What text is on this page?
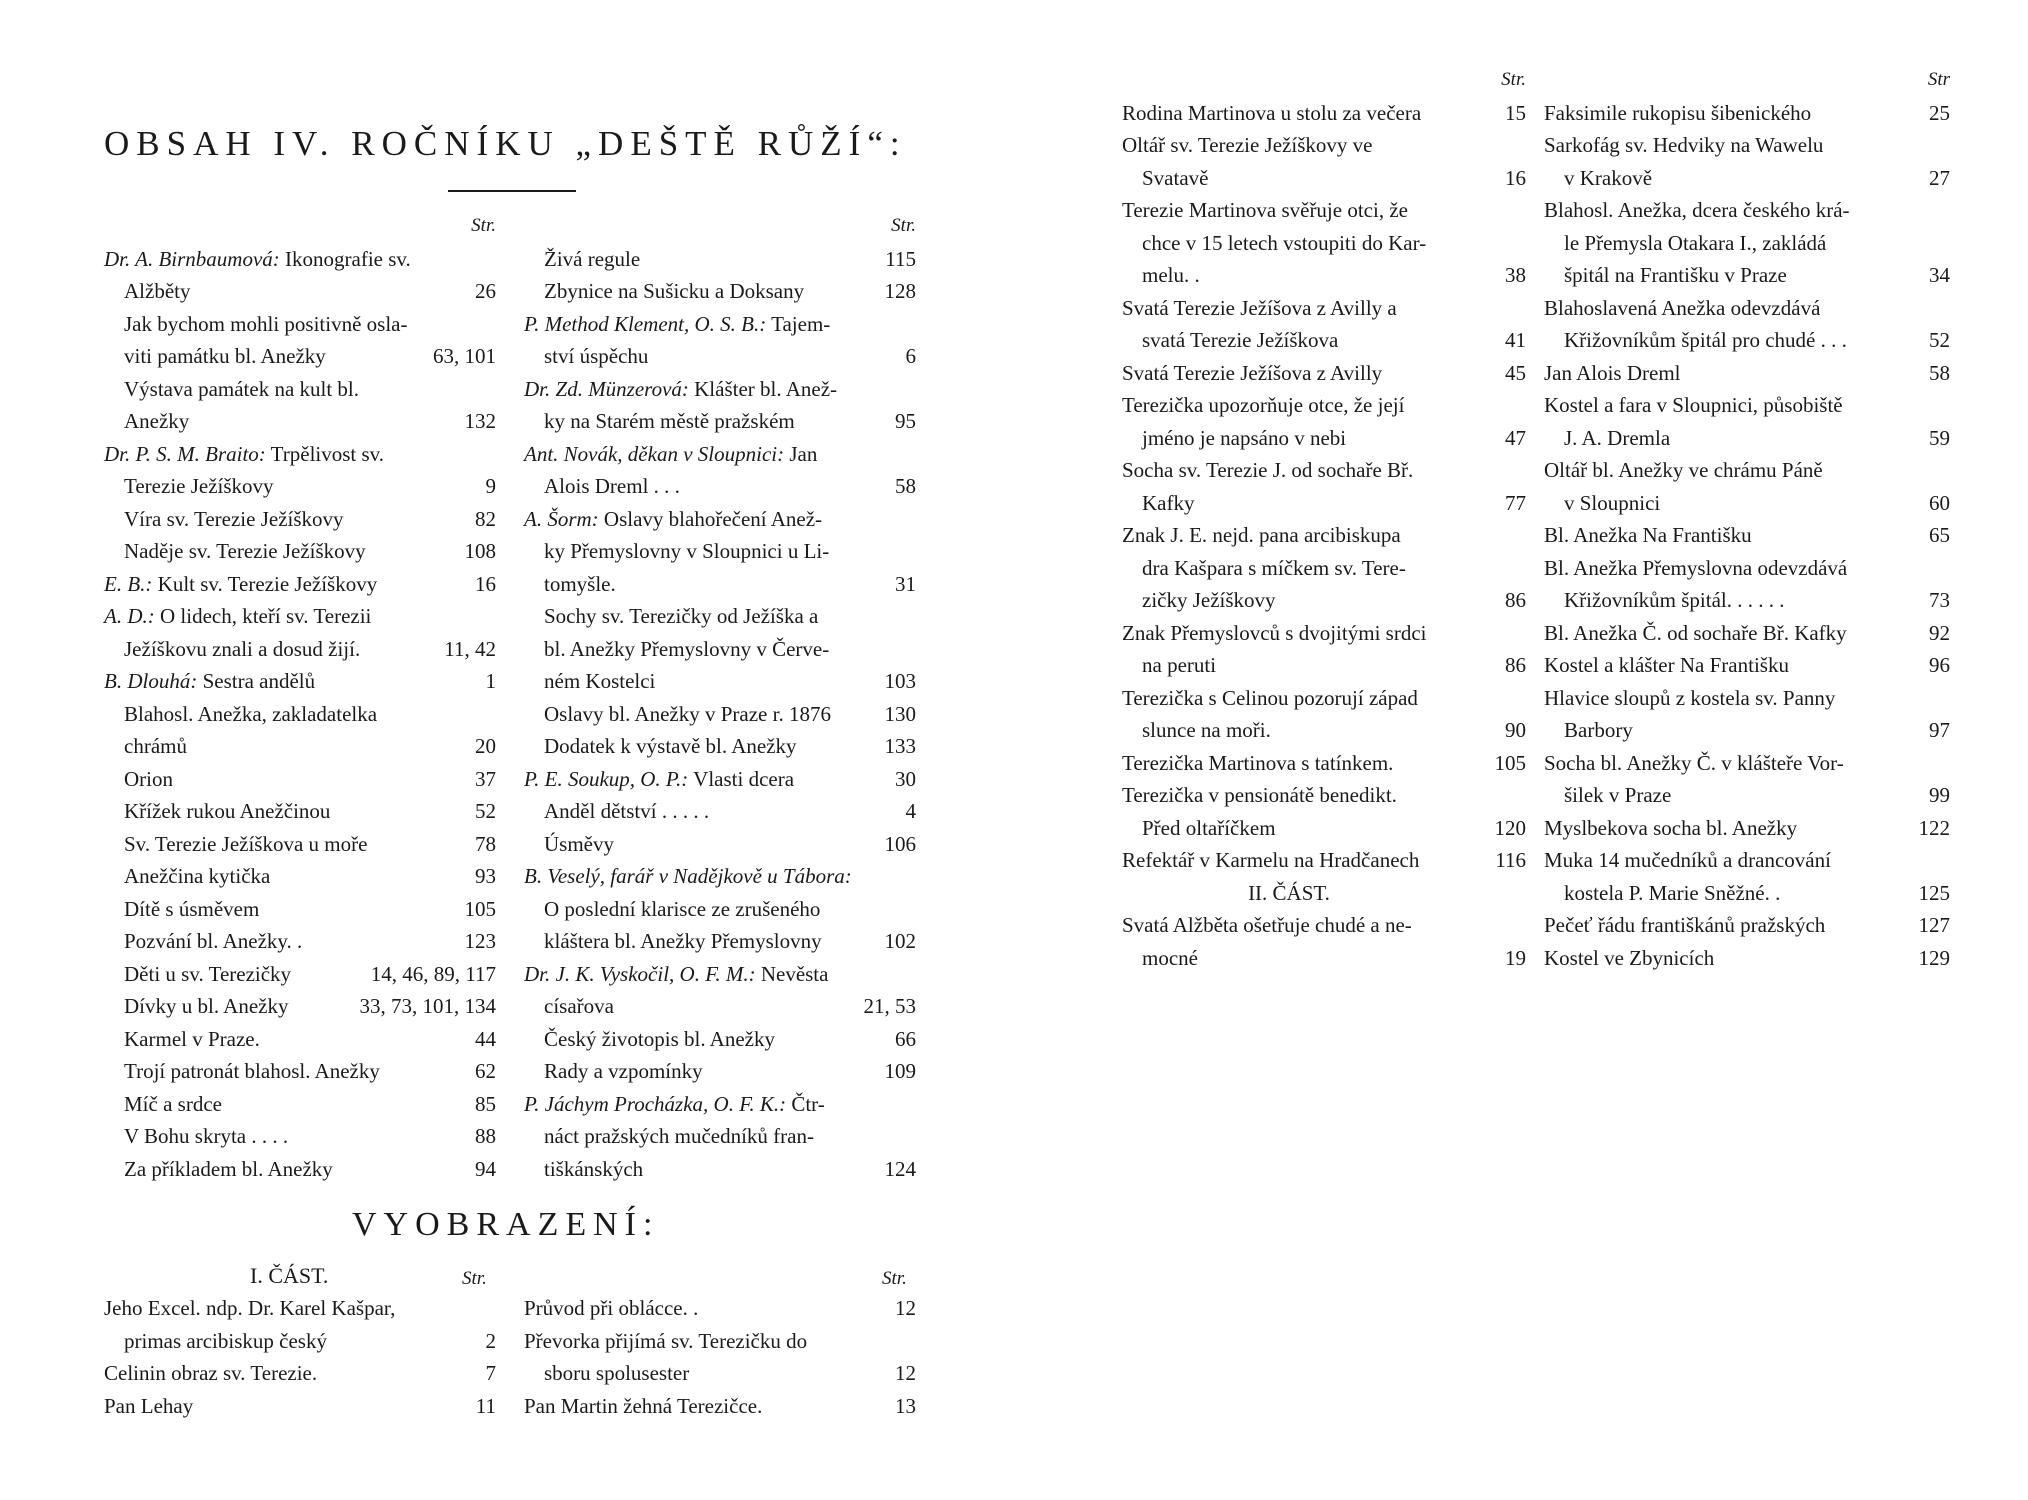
OBSAH IV. ROČNÍKU „DEŠTĚ RŮŽÍ“:
Str.
Dr. A. Birnbaumová: Ikonografie sv.
Alžběty	26
Jak bychom mohli positivně osla-
viti památku bl. Anežky	63, 101
Výstava památek na kult bl.
Anežky	132
Dr. P. S. M. Braito: Trpělivost sv.
Terezie Ježíškovy	9
Víra sv. Terezie Ježíškovy	82
Naděje sv. Terezie Ježíškovy	108
E. B.: Kult sv. Terezie Ježíškovy	16
A. D.: O lidech, kteří sv. Terezii
Ježíškovu znali a dosud žijí.	11, 42
B. Dlouhá: Sestra andělů	1
Blahosl. Anežka, zakladatelka
chrámů	20
Orion	37
Křížek rukou Anežčinou	52
Sv. Terezie Ježíškova u moře	78
Anežčina kytička	93
Dítě s úsměvem	105
Pozvání bl. Anežky. .	123
Děti u sv. Terezičky	14, 46, 89, 117
Dívky u bl. Anežky	33, 73, 101, 134
Karmel v Praze.	44
Trojí patronát blahosl. Anežky	62
Míč a srdce	85
V Bohu skryta . . . .	88
Za příkladem bl. Anežky	94
Str.
Živá regule	115
Zbynice na Sušicku a Doksany	128
P. Method Klement, O. S. B.: Tajem-
ství úspěchu	6
Dr. Zd. Münzerová: Klášter bl. Anež-
ky na Starém městě pražském	95
Ant. Novák, děkan v Sloupnici: Jan
Alois Dreml . . .	58
A. Šorm: Oslavy blahořečení Anež-
ky Přemyslovny v Sloupnici u Li-
tomyšle.	31
Sochy sv. Terezičky od Ježíška a
bl. Anežky Přemyslovny v Červe-
ném Kostelci	103
Oslavy bl. Anežky v Praze r. 1876	130
Dodatek k výstavě bl. Anežky	133
P. E. Soukup, O. P.: Vlasti dcera	30
Anděl dětství . . . . .	4
Úsměvy	106
B. Veselý, farář v Nadějkově u Tábora:
O poslední klarisce ze zrušeného
kláštera bl. Anežky Přemyslovny	102
Dr. J. K. Vyskočil, O. F. M.: Nevěsta
císařova	21, 53
Český životopis bl. Anežky	66
Rady a vzpomínky	109
P. Jáchym Procházka, O. F. K.: Čtr-
náct pražských mučedníků fran-
tiškánských	124
VYOBRAZENÍ:
I. ČÁST.	Str.	Str.
Jeho Excel. ndp. Dr. Karel Kašpar,
primas arcibiskup český	2
Celinin obraz sv. Terezie.	7
Pan Lehay	11
Průvod při oblácce. .	12
Převorka přijímá sv. Terezičku do
sboru spolusester	12
Pan Martin žehná Terezičce.	13
Str.
Rodina Martinova u stolu za večera	15
Oltář sv. Terezie Ježíškovy ve
Svatavě	16
Terezie Martinova svěřuje otci, že
chce v 15 letech vstoupiti do Kar-
melu. .	38
Svatá Terezie Ježíšova z Avilly a
svatá Terezie Ježíškova	41
Svatá Terezie Ježíšova z Avilly	45
Terezička upozorňuje otce, že její
jméno je napsáno v nebi	47
Socha sv. Terezie J. od sochaře Bř.
Kafky	77
Znak J. E. nejd. pana arcibiskupa
dra Kašpara s míčkem sv. Tere-
zičky Ježíškovy	86
Znak Přemyslovců s dvojitými srdci
na peruti	86
Terezička s Celinou pozorují západ
slunce na moři.	90
Terezička Martinova s tatínkem.	105
Terezička v pensionátě benedikt.
Před oltaříčkem	120
Refektář v Karmelu na Hradčanech	116
II. ČÁST.
Svatá Alžběta ošetřuje chudé a ne-
mocné	19
Str
Faksimile rukopisu šibenického	25
Sarkofág sv. Hedviky na Wawelu
v Krakově	27
Blahosl. Anežka, dcera českého krá-
le Přemysla Otakara I., zakládá
špitál na Františku v Praze	34
Blahoslavená Anežka odevzdává
Křižovníkům špitál pro chudé . . .	52
Jan Alois Dreml	58
Kostel a fara v Sloupnici, působiště
J. A. Dremla	59
Oltář bl. Anežky ve chrámu Páně
v Sloupnici	60
Bl. Anežka Na Františku	65
Bl. Anežka Přemyslovna odevzdává
Křižovníkům špitál. . . . . .	73
Bl. Anežka Č. od sochaře Bř. Kafky	92
Kostel a klášter Na Františku	96
Hlavice sloupů z kostela sv. Panny
Barbory	97
Socha bl. Anežky Č. v klášteře Vor-
šilek v Praze	99
Myslbekova socha bl. Anežky	122
Muka 14 mučedníků a drancování
kostela P. Marie Sněžné. .	125
Pečeť řádu františkánů pražských	127
Kostel ve Zbynicích	129
